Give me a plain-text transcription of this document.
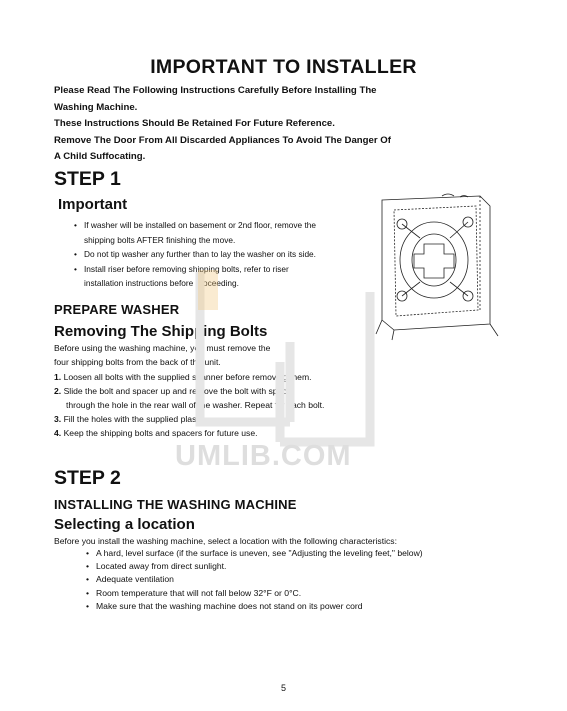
IMPORTANT TO INSTALLER
Please Read The Following Instructions Carefully Before Installing The
Washing Machine.
These Instructions Should Be Retained For Future Reference.
Remove The Door From All Discarded Appliances To Avoid The Danger Of
A Child Suffocating.
STEP 1
Important
• If washer will be installed on basement or 2nd floor, remove the
shipping bolts AFTER finishing the move.
• Do not tip washer any further than to lay the washer on its side.
• Install riser before removing shipping bolts, refer to riser
installation instructions before proceeding.
PREPARE WASHER
Removing The Shipping Bolts
Before using the washing machine, you must remove the
four shipping bolts from the back of the unit.
1. Loosen all bolts with the supplied spanner before removing them.
2. Slide the bolt and spacer up and remove the bolt with spacer
through the hole in the rear wall of the washer. Repeat for each bolt.
3. Fill the holes with the supplied plastic covers.
4. Keep the shipping bolts and spacers for future use.
UMLIB.COM
STEP 2
INSTALLING THE WASHING MACHINE
Selecting a location
Before you install the washing machine, select a location with the following characteristics:
• A hard, level surface (if the surface is uneven, see "Adjusting the leveling feet," below)
• Located away from direct sunlight.
• Adequate ventilation
• Room temperature that will not fall below 32°F or 0°C.
• Make sure that the washing machine does not stand on its power cord
5
